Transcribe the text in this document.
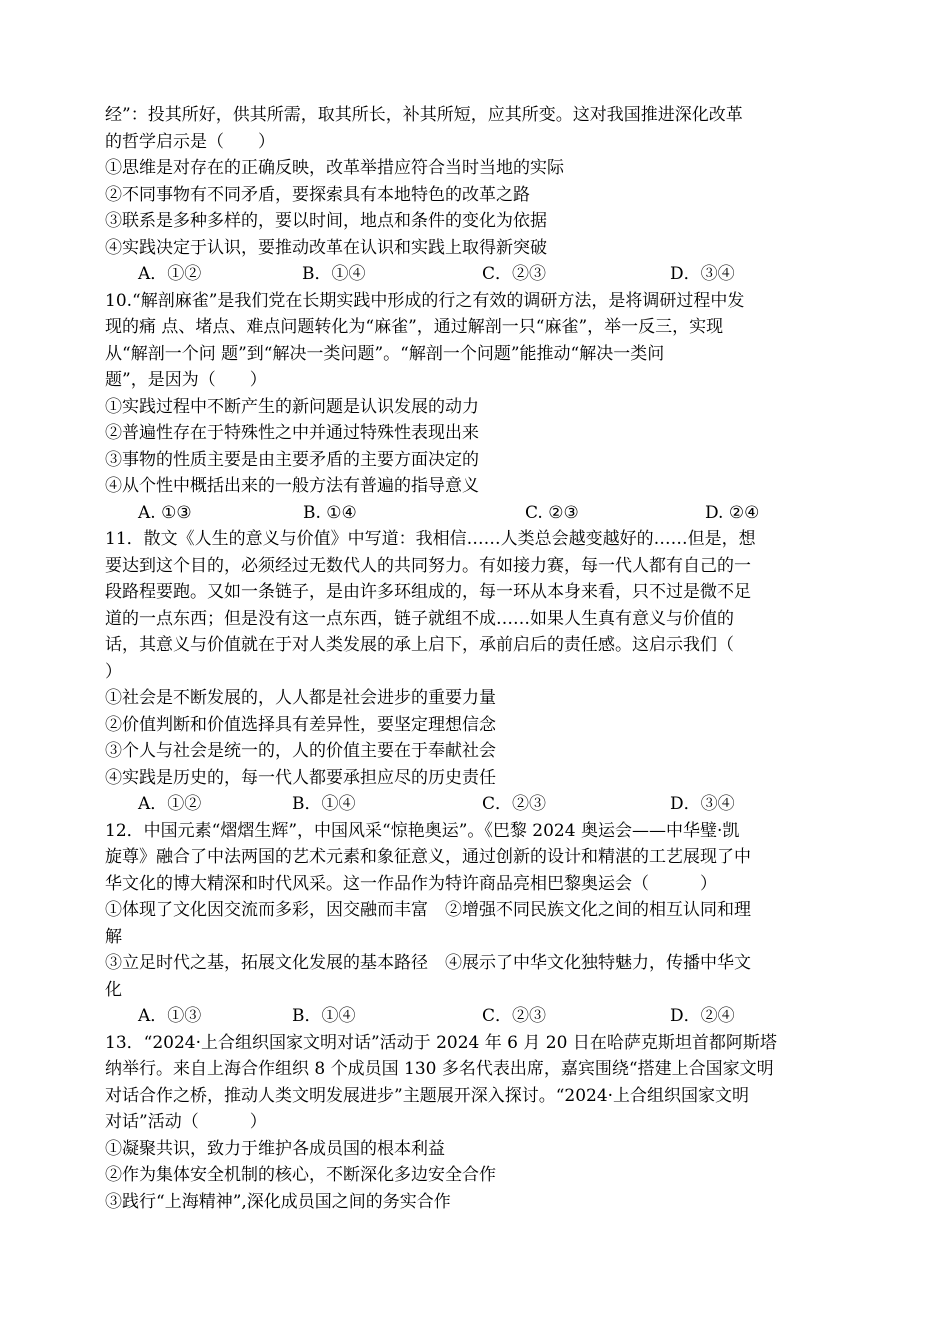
经”：投其所好，供其所需，取其所长，补其所短，应其所变。这对我国推进深化改革
的哲学启示是（　　）
①思维是对存在的正确反映，改革举措应符合当时当地的实际
②不同事物有不同矛盾，要探索具有本地特色的改革之路
③联系是多种多样的，要以时间，地点和条件的变化为依据
④实践决定于认识，要推动改革在认识和实践上取得新突破
A．①②	B．①④	C．②③	D．③④
10.“解剖麻雀”是我们党在长期实践中形成的行之有效的调研方法，是将调研过程中发
现的痛 点、堵点、难点问题转化为“麻雀”，通过解剖一只“麻雀”，举一反三，实现
从“解剖一个问 题”到“解决一类问题”。“解剖一个问题”能推动“解决一类问
题”，是因为（　　）
①实践过程中不断产生的新问题是认识发展的动力
②普遍性存在于特殊性之中并通过特殊性表现出来
③事物的性质主要是由主要矛盾的主要方面决定的
④从个性中概括出来的一般方法有普遍的指导意义
A. ①③	B. ①④	C. ②③	D. ②④
11．散文《人生的意义与价值》中写道：我相信……人类总会越变越好的……但是，想
要达到这个目的，必须经过无数代人的共同努力。有如接力赛，每一代人都有自己的一
段路程要跑。又如一条链子，是由许多环组成的，每一环从本身来看，只不过是微不足
道的一点东西；但是没有这一点东西，链子就组不成……如果人生真有意义与价值的
话，其意义与价值就在于对人类发展的承上启下，承前启后的责任感。这启示我们（
）
①社会是不断发展的，人人都是社会进步的重要力量
②价值判断和价值选择具有差异性，要坚定理想信念
③个人与社会是统一的，人的价值主要在于奉献社会
④实践是历史的，每一代人都要承担应尽的历史责任
A．①②	B．①④	C．②③	D．③④
12．中国元素“熠熠生辉”，中国风采“惊艳奥运”。《巴黎 2024 奥运会——中华璧·凯
旋尊》融合了中法两国的艺术元素和象征意义，通过创新的设计和精湛的工艺展现了中
华文化的博大精深和时代风采。这一作品作为特许商品亮相巴黎奥运会（　　　）
①体现了文化因交流而多彩，因交融而丰富　②增强不同民族文化之间的相互认同和理
解
③立足时代之基，拓展文化发展的基本路径　④展示了中华文化独特魅力，传播中华文
化
A．①③	B．①④	C．②③	D．②④
13．“2024·上合组织国家文明对话”活动于 2024 年 6 月 20 日在哈萨克斯坦首都阿斯塔
纳举行。来自上海合作组织 8 个成员国 130 多名代表出席，嘉宾围绕“搭建上合国家文明
对话合作之桥，推动人类文明发展进步”主题展开深入探讨。“2024·上合组织国家文明
对话”活动（　　　）
①凝聚共识，致力于维护各成员国的根本利益
②作为集体安全机制的核心，不断深化多边安全合作
③践行“上海精神”,深化成员国之间的务实合作
